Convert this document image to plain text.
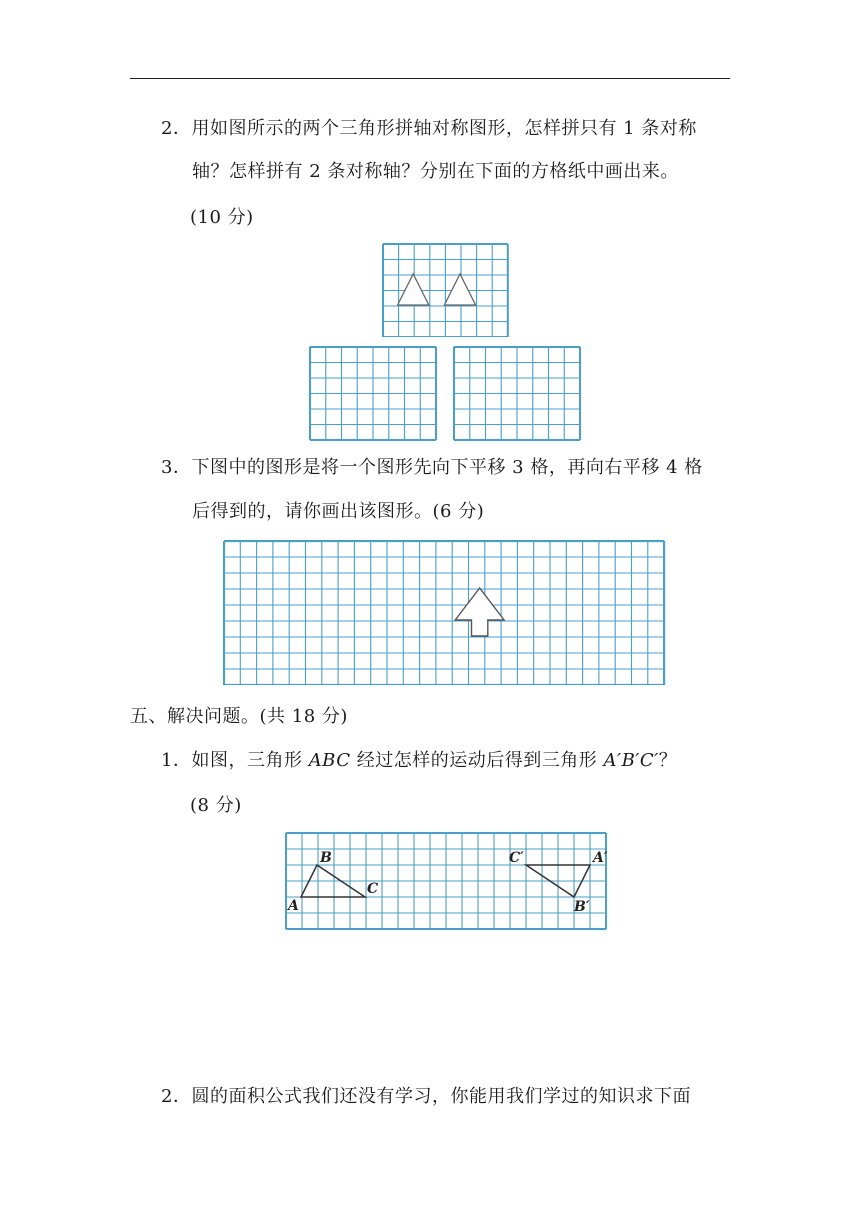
2．用如图所示的两个三角形拼轴对称图形，怎样拼只有 1 条对称
轴？怎样拼有 2 条对称轴？分别在下面的方格纸中画出来。
(10 分)
3．下图中的图形是将一个图形先向下平移 3 格，再向右平移 4 格
后得到的，请你画出该图形。(6 分)
五、解决问题。(共 18 分)
1．如图，三角形 ABC 经过怎样的运动后得到三角形 A′B′C′？
(8 分)
A
B
C
A′
B′
C′
2．圆的面积公式我们还没有学习，你能用我们学过的知识求下面
